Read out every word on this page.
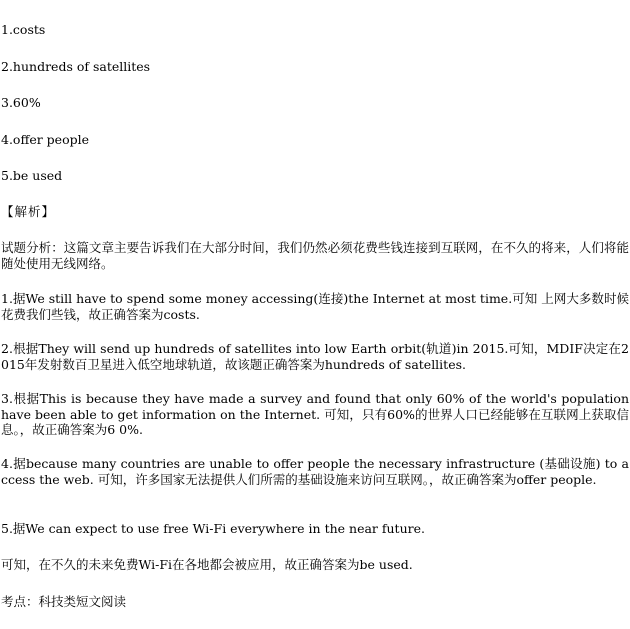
1.costs
2.hundreds of satellites
3.60%
4.offer people
5.be used
【解析】
试题分析：这篇文章主要告诉我们在大部分时间，我们仍然必须花费些钱连接到互联网，在不久的将来，人们将能随处使用无线网络。
1.据We still have to spend some money accessing(连接)the Internet at most time.可知 上网大多数时候花费我们些钱，故正确答案为costs.
2.根据They will send up hundreds of satellites into low Earth orbit(轨道)in 2015.可知，MDIF决定在2015年发射数百卫星进入低空地球轨道，故该题正确答案为hundreds of satellites.
3.根据This is because they have made a survey and found that only 60% of the world's population have been able to get information on the Internet. 可知，只有60%的世界人口已经能够在互联网上获取信息。，故正确答案为6 0%.
4.据because many countries are unable to offer people the necessary infrastructure (基础设施) to access the web. 可知，许多国家无法提供人们所需的基础设施来访问互联网。，故正确答案为offer people.
5.据We can expect to use free Wi-Fi everywhere in the near future.
可知，在不久的未来免费Wi-Fi在各地都会被应用，故正确答案为be used.
考点：科技类短文阅读
